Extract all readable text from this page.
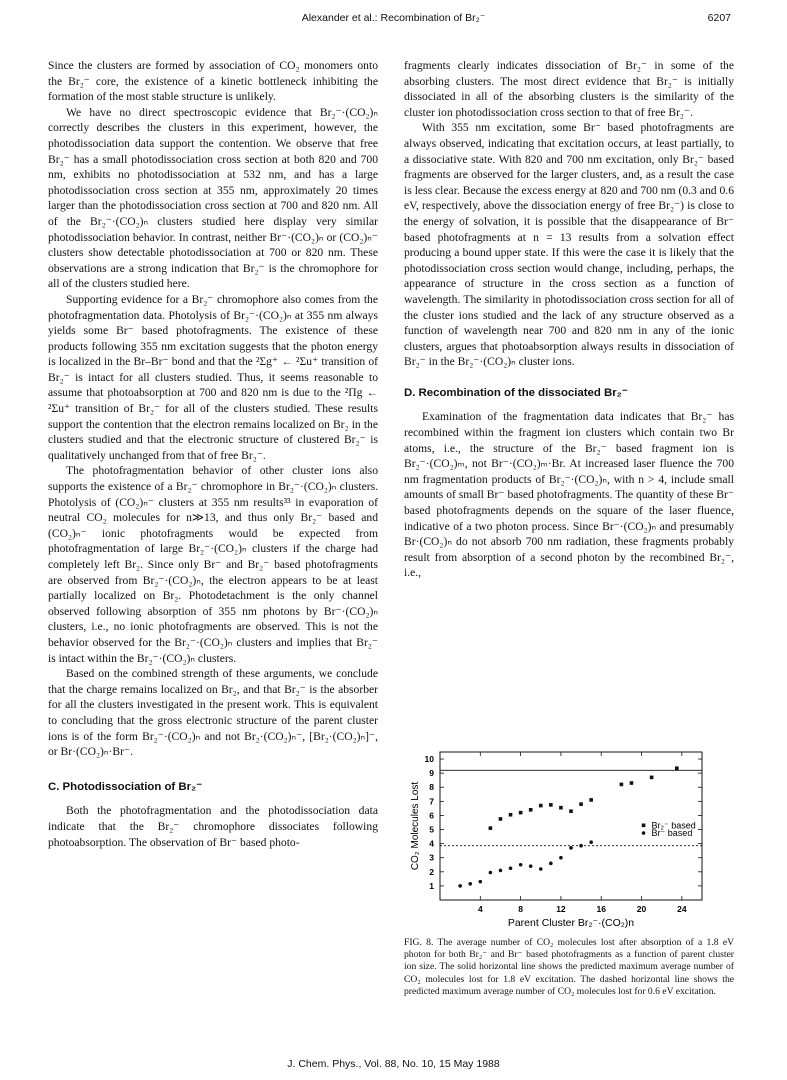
Alexander et al.: Recombination of Br₂⁻	6207

Since the clusters are formed by association of CO₂ monomers onto the Br₂⁻ core, the existence of a kinetic bottleneck inhibiting the formation of the most stable structure is unlikely.

We have no direct spectroscopic evidence that Br₂⁻·(CO₂)ₙ correctly describes the clusters in this experiment, however, the photodissociation data support the contention. We observe that free Br₂⁻ has a small photodissociation cross section at both 820 and 700 nm, exhibits no photodissociation at 532 nm, and has a large photodissociation cross section at 355 nm, approximately 20 times larger than the photodissociation cross section at 700 and 820 nm. All of the Br₂⁻·(CO₂)ₙ clusters studied here display very similar photodissociation behavior. In contrast, neither Br⁻·(CO₂)ₙ or (CO₂)ₙ⁻ clusters show detectable photodissociation at 700 or 820 nm. These observations are a strong indication that Br₂⁻ is the chromophore for all of the clusters studied here.

Supporting evidence for a Br₂⁻ chromophore also comes from the photofragmentation data. Photolysis of Br₂⁻·(CO₂)ₙ at 355 nm always yields some Br⁻ based photofragments. The existence of these products following 355 nm excitation suggests that the photon energy is localized in the Br–Br⁻ bond and that the ²Σg⁺ ← ²Σu⁺ transition of Br₂⁻ is intact for all clusters studied. Thus, it seems reasonable to assume that photoabsorption at 700 and 820 nm is due to the ²Πg ← ²Σu⁺ transition of Br₂⁻ for all of the clusters studied. These results support the contention that the electron remains localized on Br₂ in the clusters studied and that the electronic structure of clustered Br₂⁻ is qualitatively unchanged from that of free Br₂⁻.

The photofragmentation behavior of other cluster ions also supports the existence of a Br₂⁻ chromophore in Br₂⁻·(CO₂)ₙ clusters. Photolysis of (CO₂)ₙ⁻ clusters at 355 nm results³³ in evaporation of neutral CO₂ molecules for n≫13, and thus only Br₂⁻ based and (CO₂)ₙ⁻ ionic photofragments would be expected from photofragmentation of large Br₂⁻·(CO₂)ₙ clusters if the charge had completely left Br₂. Since only Br⁻ and Br₂⁻ based photofragments are observed from Br₂⁻·(CO₂)ₙ, the electron appears to be at least partially localized on Br₂. Photodetachment is the only channel observed following absorption of 355 nm photons by Br⁻·(CO₂)ₙ clusters, i.e., no ionic photofragments are observed. This is not the behavior observed for the Br₂⁻·(CO₂)ₙ clusters and implies that Br₂⁻ is intact within the Br₂⁻·(CO₂)ₙ clusters.

Based on the combined strength of these arguments, we conclude that the charge remains localized on Br₂, and that Br₂⁻ is the absorber for all the clusters investigated in the present work. This is equivalent to concluding that the gross electronic structure of the parent cluster ions is of the form Br₂⁻·(CO₂)ₙ and not Br₂·(CO₂)ₙ⁻, [Br₂·(CO₂)ₙ]⁻, or Br·(CO₂)ₙ·Br⁻.

C. Photodissociation of Br₂⁻

Both the photofragmentation and the photodissociation data indicate that the Br₂⁻ chromophore dissociates following photoabsorption. The observation of Br⁻ based photo-

fragments clearly indicates dissociation of Br₂⁻ in some of the absorbing clusters. The most direct evidence that Br₂⁻ is initially dissociated in all of the absorbing clusters is the similarity of the cluster ion photodissociation cross section to that of free Br₂⁻.

With 355 nm excitation, some Br⁻ based photofragments are always observed, indicating that excitation occurs, at least partially, to a dissociative state. With 820 and 700 nm excitation, only Br₂⁻ based fragments are observed for the larger clusters, and, as a result the case is less clear. Because the excess energy at 820 and 700 nm (0.3 and 0.6 eV, respectively, above the dissociation energy of free Br₂⁻) is close to the energy of solvation, it is possible that the disappearance of Br⁻ based photofragments at n = 13 results from a solvation effect producing a bound upper state. If this were the case it is likely that the photodissociation cross section would change, including, perhaps, the appearance of structure in the cross section as a function of wavelength. The similarity in photodissociation cross section for all of the cluster ions studied and the lack of any structure observed as a function of wavelength near 700 and 820 nm in any of the ionic clusters, argues that photoabsorption always results in dissociation of Br₂⁻ in the Br₂⁻·(CO₂)ₙ cluster ions.

D. Recombination of the dissociated Br₂⁻

Examination of the fragmentation data indicates that Br₂⁻ has recombined within the fragment ion clusters which contain two Br atoms, i.e., the structure of the Br₂⁻ based fragment ion is Br₂⁻·(CO₂)ₘ, not Br⁻·(CO₂)ₘ·Br. At increased laser fluence the 700 nm fragmentation products of Br₂⁻·(CO₂)ₙ, with n > 4, include small amounts of small Br⁻ based photofragments. The quantity of these Br⁻ based photofragments depends on the square of the laser fluence, indicative of a two photon process. Since Br⁻·(CO₂)ₙ and presumably Br·(CO₂)ₙ do not absorb 700 nm radiation, these fragments probably result from absorption of a second photon by the recombined Br₂⁻, i.e.,

4	8	12	16	20	24
1
2
3
4
5
6
7
8
9
10
Parent Cluster Br₂⁻·(CO₂)n
CO₂ Molecules Lost	Br₂⁻ based
Br⁻ based
FIG. 8. The average number of CO₂ molecules lost after absorption of a 1.8 eV photon for both Br₂⁻ and Br⁻ based photofragments as a function of parent cluster ion size. The solid horizontal line shows the predicted maximum average number of CO₂ molecules lost for 1.8 eV excitation. The dashed horizontal line shows the predicted maximum average number of CO₂ molecules lost for 0.6 eV excitation.
J. Chem. Phys., Vol. 88, No. 10, 15 May 1988
